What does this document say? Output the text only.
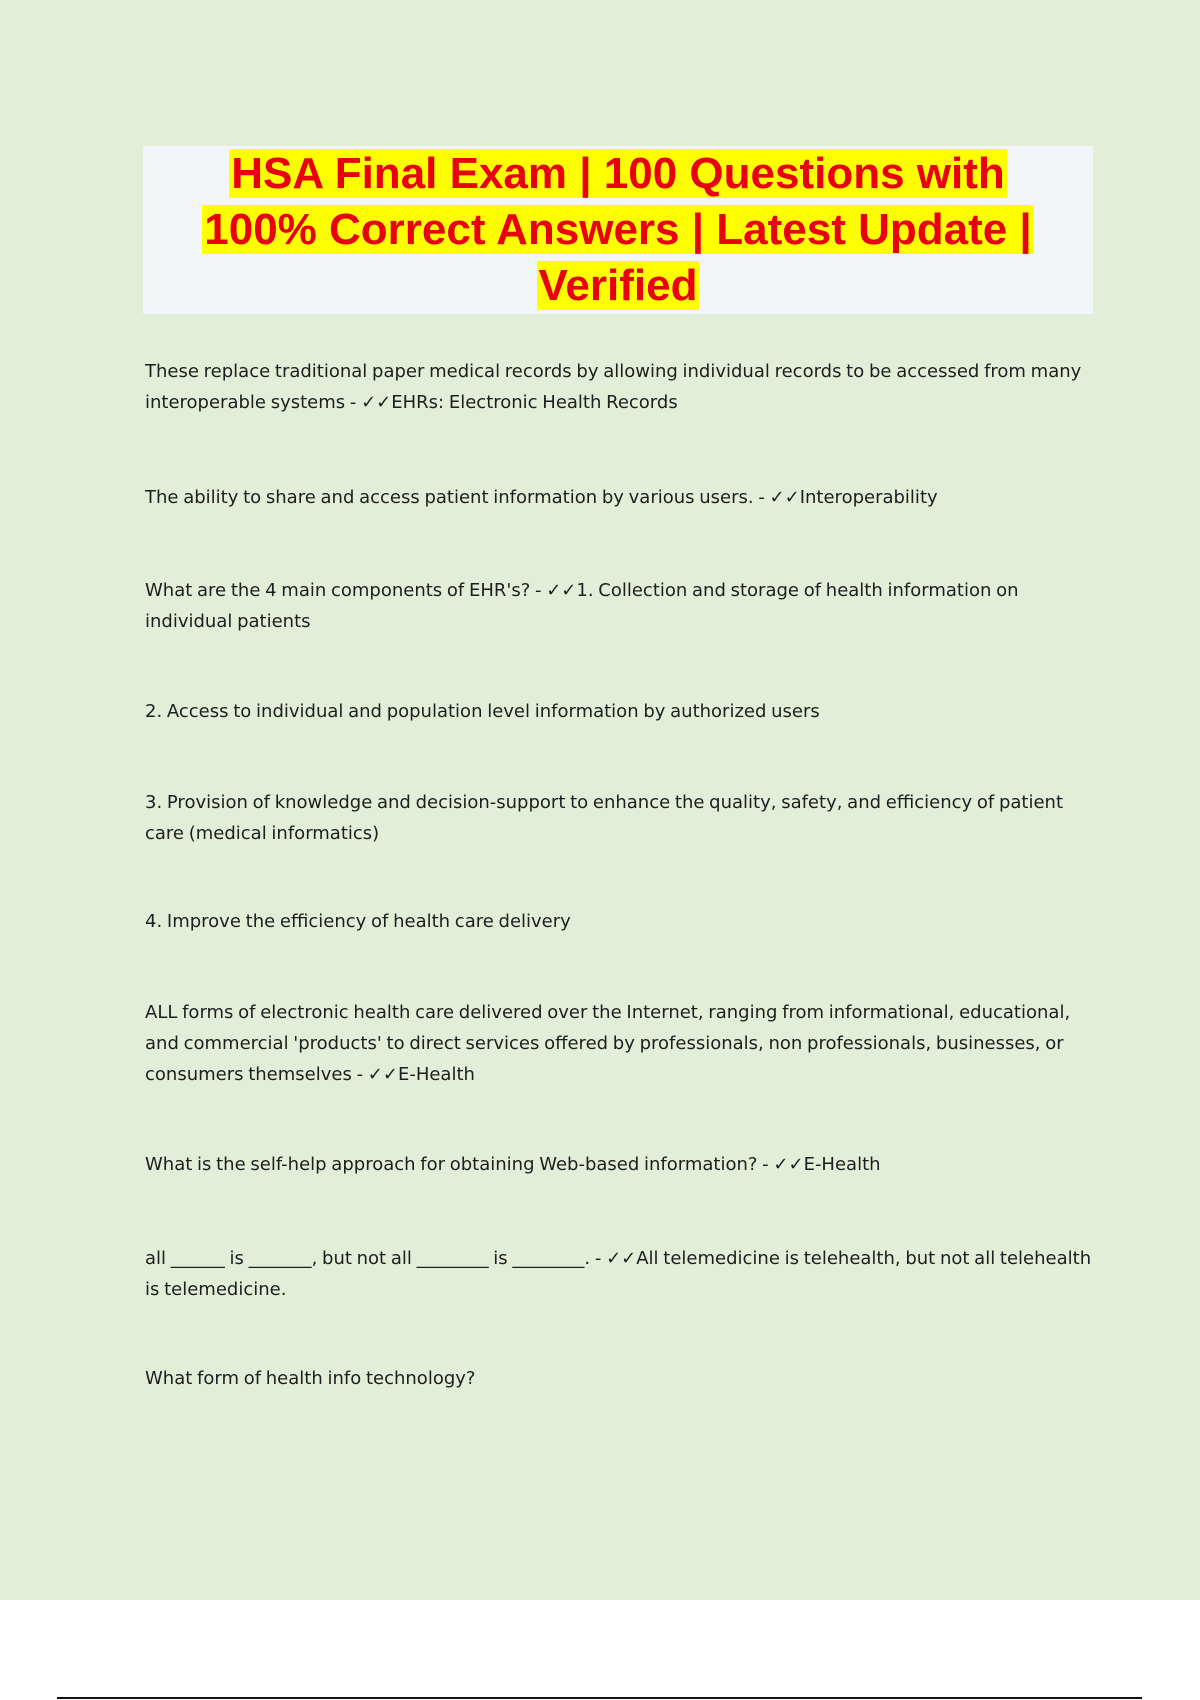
HSA Final Exam | 100 Questions with
100% Correct Answers | Latest Update |
Verified

These replace traditional paper medical records by allowing individual records to be accessed from many interoperable systems - ✓✓EHRs: Electronic Health Records

The ability to share and access patient information by various users. - ✓✓Interoperability

What are the 4 main components of EHR's? - ✓✓1. Collection and storage of health information on individual patients

2. Access to individual and population level information by authorized users

3. Provision of knowledge and decision-support to enhance the quality, safety, and efficiency of patient care (medical informatics)

4. Improve the efficiency of health care delivery

ALL forms of electronic health care delivered over the Internet, ranging from informational, educational, and commercial 'products' to direct services offered by professionals, non professionals, businesses, or consumers themselves - ✓✓E-Health

What is the self-help approach for obtaining Web-based information? - ✓✓E-Health

all ______ is _______, but not all ________ is ________. - ✓✓All telemedicine is telehealth, but not all telehealth is telemedicine.

What form of health info technology?
